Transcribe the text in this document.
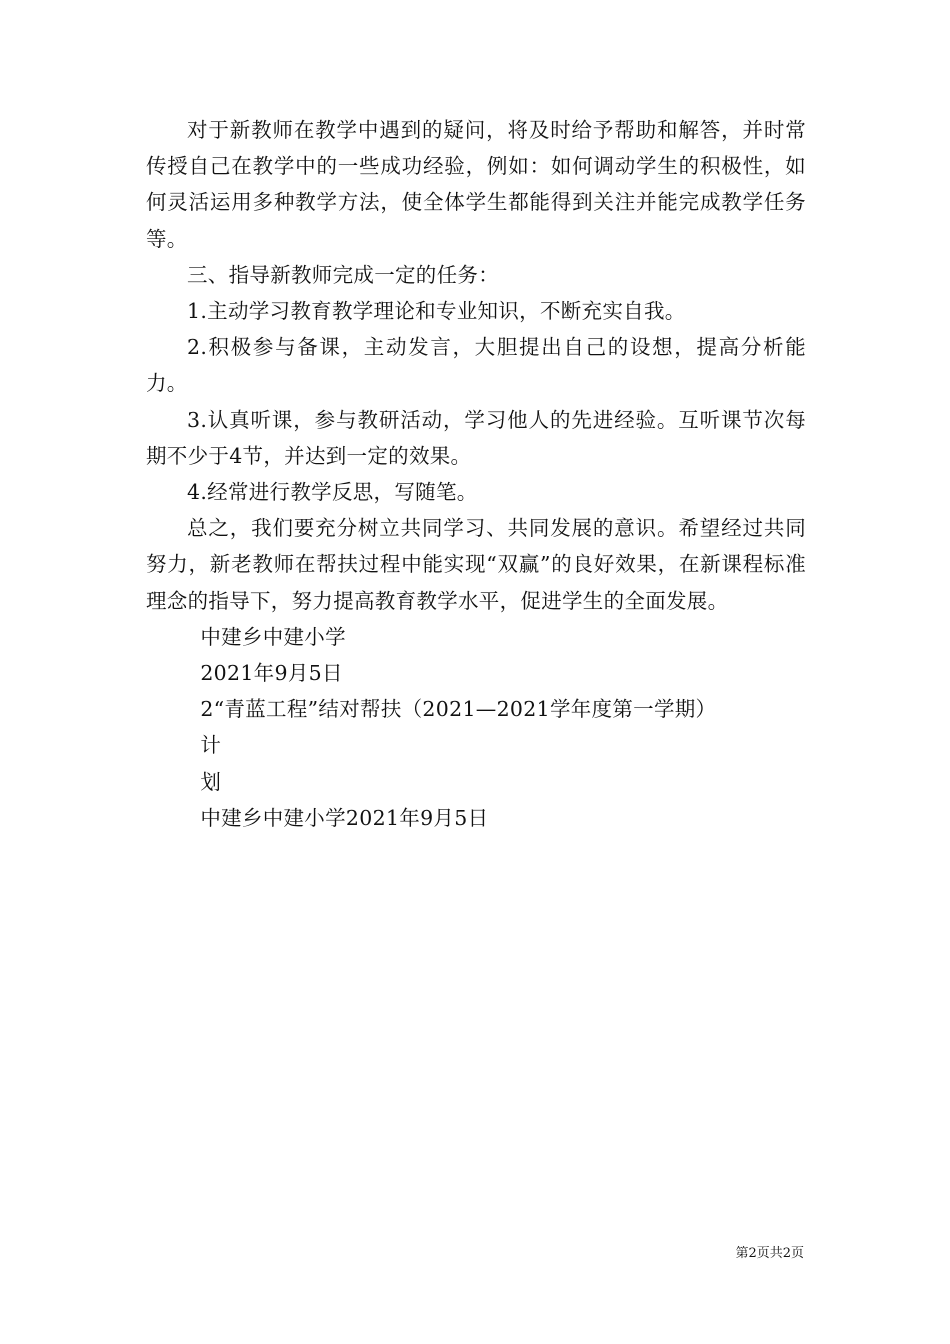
对于新教师在教学中遇到的疑问，将及时给予帮助和解答，并时常传授自己在教学中的一些成功经验，例如：如何调动学生的积极性，如何灵活运用多种教学方法，使全体学生都能得到关注并能完成教学任务等。

三、指导新教师完成一定的任务：

1.主动学习教育教学理论和专业知识，不断充实自我。

2.积极参与备课，主动发言，大胆提出自己的设想，提高分析能力。

3.认真听课，参与教研活动，学习他人的先进经验。互听课节次每期不少于4节，并达到一定的效果。

4.经常进行教学反思，写随笔。

总之，我们要充分树立共同学习、共同发展的意识。希望经过共同努力，新老教师在帮扶过程中能实现“双赢”的良好效果，在新课程标准理念的指导下，努力提高教育教学水平，促进学生的全面发展。

中建乡中建小学

2021年9月5日

2“青蓝工程”结对帮扶（2021—2021学年度第一学期）

计

划

中建乡中建小学2021年9月5日

第2页共2页
